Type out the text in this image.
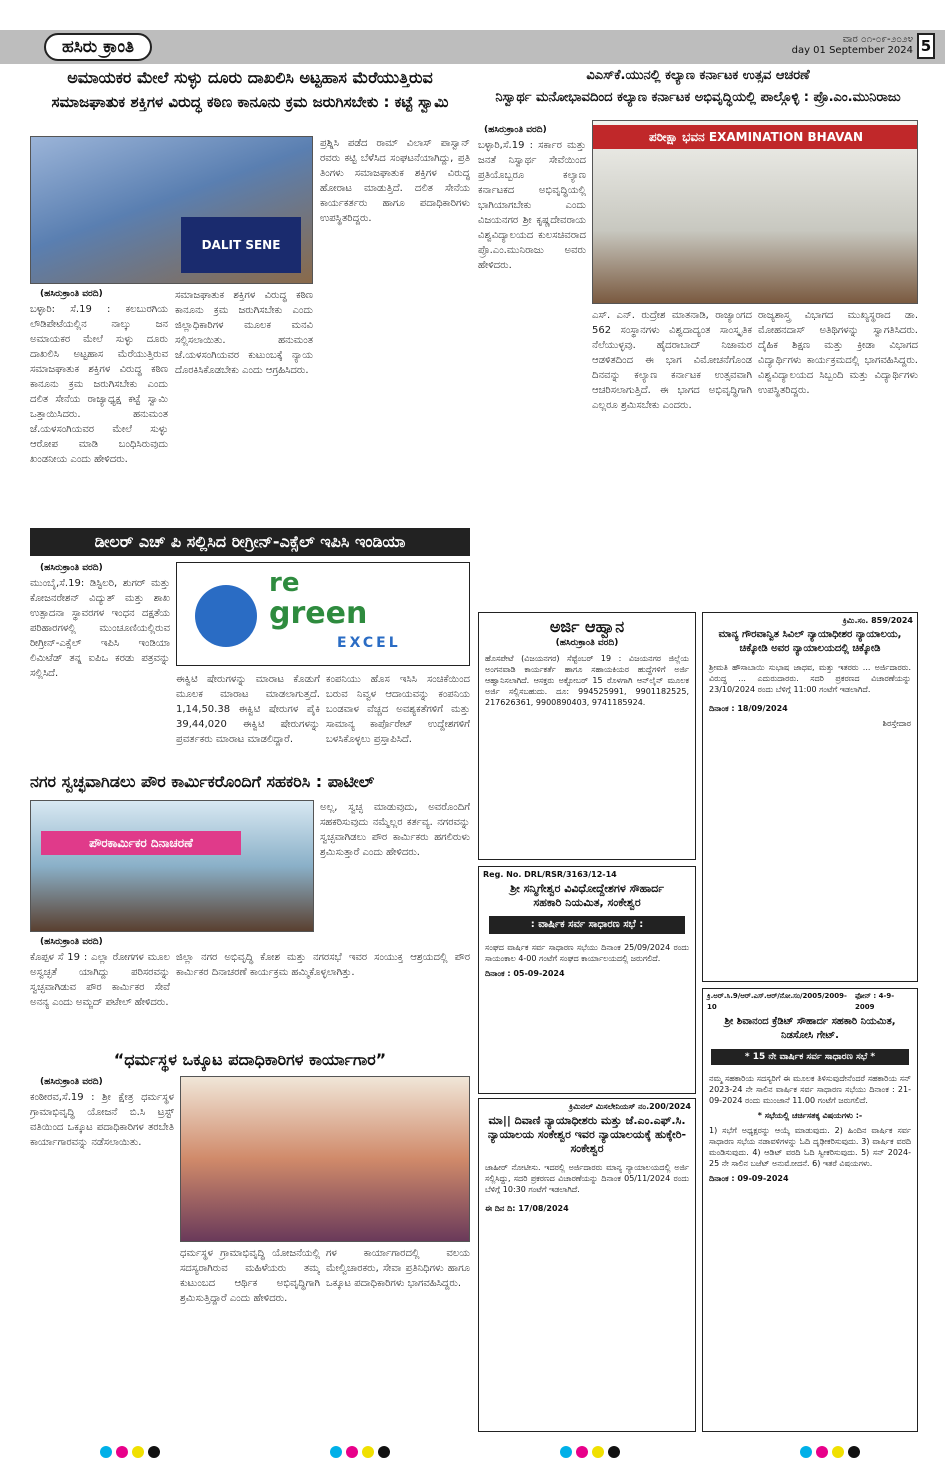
ಹಸಿರು ಕ್ರಾಂತಿ	ವಾರ ೦೧-೦೯-೨೦೨೪
day 01 September 2024 5
ಅಮಾಯಕರ ಮೇಲೆ ಸುಳ್ಳು ದೂರು ದಾಖಲಿಸಿ ಅಟ್ಟಹಾಸ ಮೆರೆಯುತ್ತಿರುವ
ಸಮಾಜಘಾತುಕ ಶಕ್ತಿಗಳ ವಿರುದ್ಧ ಕಠಿಣ ಕಾನೂನು ಕ್ರಮ ಜರುಗಿಸಬೇಕು : ಕಟ್ಟೆ ಸ್ವಾಮಿ
DALIT SENE
(ಹಸಿರುಕ್ರಾಂತಿ ವರದಿ)
ಬಳ್ಳಾರಿ: ಸೆ.19 : ಕಲಬುರಗಿಯ ಲೌಡಿಪೇಟೆಯಲ್ಲಿನ ನಾಲ್ಕು ಜನ ಅಮಾಯಕರ ಮೇಲೆ ಸುಳ್ಳು ದೂರು ದಾಖಲಿಸಿ ಅಟ್ಟಹಾಸ ಮೆರೆಯುತ್ತಿರುವ ಸಮಾಜಘಾತುಕ ಶಕ್ತಿಗಳ ವಿರುದ್ಧ ಕಠಿಣ ಕಾನೂನು ಕ್ರಮ ಜರುಗಿಸಬೇಕು ಎಂದು ದಲಿತ ಸೇನೆಯ ರಾಜ್ಯಾಧ್ಯಕ್ಷ ಕಟ್ಟೆ ಸ್ವಾಮಿ ಒತ್ತಾಯಿಸಿದರು. ಹನುಮಂತ ಜೆ.ಯಳಸಂಗಿಯವರ ಮೇಲೆ ಸುಳ್ಳು ಆರೋಪ ಮಾಡಿ ಬಂಧಿಸಿರುವುದು ಖಂಡನೀಯ ಎಂದು ಹೇಳಿದರು.
ಸಮಾಜಘಾತುಕ ಶಕ್ತಿಗಳ ವಿರುದ್ಧ ಕಠಿಣ ಕಾನೂನು ಕ್ರಮ ಜರುಗಿಸಬೇಕು ಎಂದು ಜಿಲ್ಲಾಧಿಕಾರಿಗಳ ಮೂಲಕ ಮನವಿ ಸಲ್ಲಿಸಲಾಯಿತು. ಹನುಮಂತ ಜೆ.ಯಳಸಂಗಿಯವರ ಕುಟುಂಬಕ್ಕೆ ನ್ಯಾಯ ದೊರಕಿಸಿಕೊಡಬೇಕು ಎಂದು ಆಗ್ರಹಿಸಿದರು.
ಪ್ರಶ್ನಿಸಿ ಪಡೆದ ರಾಮ್ ವಿಲಾಸ್ ಪಾಸ್ವಾನ್ ರವರು ಕಟ್ಟಿ ಬೆಳೆಸಿದ ಸಂಘಟನೆಯಾಗಿದ್ದು, ಪ್ರತಿ ತಿಂಗಳು ಸಮಾಜಘಾತುಕ ಶಕ್ತಿಗಳ ವಿರುದ್ಧ ಹೋರಾಟ ಮಾಡುತ್ತಿದೆ. ದಲಿತ ಸೇನೆಯ ಕಾರ್ಯಕರ್ತರು ಹಾಗೂ ಪದಾಧಿಕಾರಿಗಳು ಉಪಸ್ಥಿತರಿದ್ದರು.
ವಿಎಸ್‌ಕೆ.ಯುನಲ್ಲಿ ಕಲ್ಯಾಣ ಕರ್ನಾಟಕ ಉತ್ಸವ ಆಚರಣೆ
ನಿಸ್ವಾರ್ಥ ಮನೋಭಾವದಿಂದ ಕಲ್ಯಾಣ ಕರ್ನಾಟಕ ಅಭಿವೃದ್ಧಿಯಲ್ಲಿ ಪಾಲ್ಗೊಳ್ಳಿ : ಪ್ರೊ.ಎಂ.ಮುನಿರಾಜು
(ಹಸಿರುಕ್ರಾಂತಿ ವರದಿ)
ಬಳ್ಳಾರಿ,ಸೆ.19 : ಸರ್ಕಾರ ಮತ್ತು ಜನತೆ ನಿಸ್ವಾರ್ಥ ಸೇವೆಯಿಂದ ಪ್ರತಿಯೊಬ್ಬರೂ ಕಲ್ಯಾಣ ಕರ್ನಾಟಕದ ಅಭಿವೃದ್ಧಿಯಲ್ಲಿ ಭಾಗಿಯಾಗಬೇಕು ಎಂದು ವಿಜಯನಗರ ಶ್ರೀ ಕೃಷ್ಣದೇವರಾಯ ವಿಶ್ವವಿದ್ಯಾಲಯದ ಕುಲಸಚಿವರಾದ ಪ್ರೊ.ಎಂ.ಮುನಿರಾಜು ಅವರು ಹೇಳಿದರು.
ಪರೀಕ್ಷಾ ಭವನ EXAMINATION BHAVAN
ಎಸ್. ಎನ್. ರುದ್ರೇಶ ಮಾತನಾಡಿ, ರಾಜ್ಯಾಂಗದ 562 ಸಂಸ್ಥಾನಗಳು ವಿಶ್ವದಾದ್ಯಂತ ಸಾಂಸ್ಕೃತಿಕ ನೆಲೆಯುಳ್ಳವು. ಹೈದರಾಬಾದ್ ನಿಜಾಮರ ಆಡಳಿತದಿಂದ ಈ ಭಾಗ ವಿಮೋಚನೆಗೊಂಡ ದಿನವನ್ನು ಕಲ್ಯಾಣ ಕರ್ನಾಟಕ ಉತ್ಸವವಾಗಿ ಆಚರಿಸಲಾಗುತ್ತಿದೆ. ಈ ಭಾಗದ ಅಭಿವೃದ್ಧಿಗಾಗಿ ಎಲ್ಲರೂ ಶ್ರಮಿಸಬೇಕು ಎಂದರು.
ರಾಜ್ಯಶಾಸ್ತ್ರ ವಿಭಾಗದ ಮುಖ್ಯಸ್ಥರಾದ ಡಾ. ಮೋಹನದಾಸ್ ಅತಿಥಿಗಳನ್ನು ಸ್ವಾಗತಿಸಿದರು. ದೈಹಿಕ ಶಿಕ್ಷಣ ಮತ್ತು ಕ್ರೀಡಾ ವಿಭಾಗದ ವಿದ್ಯಾರ್ಥಿಗಳು ಕಾರ್ಯಕ್ರಮದಲ್ಲಿ ಭಾಗವಹಿಸಿದ್ದರು. ವಿಶ್ವವಿದ್ಯಾಲಯದ ಸಿಬ್ಬಂದಿ ಮತ್ತು ವಿದ್ಯಾರ್ಥಿಗಳು ಉಪಸ್ಥಿತರಿದ್ದರು.
ಡೀಲರ್ ಎಚ್ ಪಿ ಸಲ್ಲಿಸಿದ ರೀಗ್ರೀನ್-ಎಕ್ಸೆಲ್ ಇಪಿಸಿ ಇಂಡಿಯಾ
(ಹಸಿರುಕ್ರಾಂತಿ ವರದಿ)
ಮುಂಬೈ,ಸೆ.19: ಡಿಸ್ಟಿಲರಿ, ಶುಗರ್ ಮತ್ತು ಕೋಜನರೇಶನ್ ವಿದ್ಯುತ್ ಮತ್ತು ಶಾಖ ಉತ್ಪಾದನಾ ಸ್ಥಾವರಗಳ ಇಂಧನ ದಕ್ಷತೆಯ ಪರಿಹಾರಗಳಲ್ಲಿ ಮುಂಚೂಣಿಯಲ್ಲಿರುವ ರೀಗ್ರೀನ್-ಎಕ್ಸೆಲ್ ಇಪಿಸಿ ಇಂಡಿಯಾ ಲಿಮಿಟೆಡ್ ತನ್ನ ಐಪಿಒ ಕರಡು ಪತ್ರವನ್ನು ಸಲ್ಲಿಸಿದೆ.
re
green
EXCEL
ಈಕ್ವಿಟಿ ಷೇರುಗಳನ್ನು ಮಾರಾಟ ಕೊಡುಗೆ ಮೂಲಕ ಮಾರಾಟ ಮಾಡಲಾಗುತ್ತದೆ. 1,14,50.38 ಈಕ್ವಿಟಿ ಷೇರುಗಳ ಪೈಕಿ 39,44,020 ಈಕ್ವಿಟಿ ಷೇರುಗಳನ್ನು ಪ್ರವರ್ತಕರು ಮಾರಾಟ ಮಾಡಲಿದ್ದಾರೆ.
ಕಂಪನಿಯು ಹೊಸ ಇಸಿಸಿ ಸಂಚಿಕೆಯಿಂದ ಬರುವ ನಿವ್ವಳ ಆದಾಯವನ್ನು ಕಂಪನಿಯ ಬಂಡವಾಳ ವೆಚ್ಚದ ಅವಶ್ಯಕತೆಗಳಿಗೆ ಮತ್ತು ಸಾಮಾನ್ಯ ಕಾರ್ಪೊರೇಟ್ ಉದ್ದೇಶಗಳಿಗೆ ಬಳಸಿಕೊಳ್ಳಲು ಪ್ರಸ್ತಾಪಿಸಿದೆ.
ನಗರ ಸ್ವಚ್ಛವಾಗಿಡಲು ಪೌರ ಕಾರ್ಮಿಕರೊಂದಿಗೆ ಸಹಕರಿಸಿ : ಪಾಟೀಲ್
ಪೌರಕಾರ್ಮಿಕರ ದಿನಾಚರಣೆ
ಅಲ್ಲ, ಸ್ವಚ್ಛ ಮಾಡುವುದು, ಅವರೊಂದಿಗೆ ಸಹಕರಿಸುವುದು ನಮ್ಮೆಲ್ಲರ ಕರ್ತವ್ಯ. ನಗರವನ್ನು ಸ್ವಚ್ಛವಾಗಿಡಲು ಪೌರ ಕಾರ್ಮಿಕರು ಹಗಲಿರುಳು ಶ್ರಮಿಸುತ್ತಾರೆ ಎಂದು ಹೇಳಿದರು.
(ಹಸಿರುಕ್ರಾಂತಿ ವರದಿ)
ಕೊಪ್ಪಳ ಸೆ 19 : ಎಲ್ಲಾ ರೋಗಗಳ ಮೂಲ ಅಸ್ವಚ್ಛತೆ ಯಾಗಿದ್ದು ಪರಿಸರವನ್ನು ಸ್ವಚ್ಛವಾಗಿಡುವ ಪೌರ ಕಾರ್ಮಿಕರ ಸೇವೆ ಅನನ್ಯ ಎಂದು ಅಮ್ಜದ್ ಪಟೇಲ್ ಹೇಳಿದರು.
ಜಿಲ್ಲಾ ನಗರ ಅಭಿವೃದ್ಧಿ ಕೋಶ ಮತ್ತು ನಗರಸಭೆ ಇವರ ಸಂಯುಕ್ತ ಆಶ್ರಯದಲ್ಲಿ ಪೌರ ಕಾರ್ಮಿಕರ ದಿನಾಚರಣೆ ಕಾರ್ಯಕ್ರಮ ಹಮ್ಮಿಕೊಳ್ಳಲಾಗಿತ್ತು.
“ಧರ್ಮಸ್ಥಳ ಒಕ್ಕೂಟ ಪದಾಧಿಕಾರಿಗಳ ಕಾರ್ಯಾಗಾರ”
(ಹಸಿರುಕ್ರಾಂತಿ ವರದಿ)
ಕಂಠೀರವ,ಸೆ.19 : ಶ್ರೀ ಕ್ಷೇತ್ರ ಧರ್ಮಸ್ಥಳ ಗ್ರಾಮಾಭಿವೃದ್ಧಿ ಯೋಜನೆ ಬಿ.ಸಿ ಟ್ರಸ್ಟ್ ವತಿಯಿಂದ ಒಕ್ಕೂಟ ಪದಾಧಿಕಾರಿಗಳ ತರಬೇತಿ ಕಾರ್ಯಾಗಾರವನ್ನು ನಡೆಸಲಾಯಿತು.
ಧರ್ಮಸ್ಥಳ ಗ್ರಾಮಾಭಿವೃದ್ಧಿ ಯೋಜನೆಯಲ್ಲಿ ಸದಸ್ಯರಾಗಿರುವ ಮಹಿಳೆಯರು ತಮ್ಮ ಕುಟುಂಬದ ಆರ್ಥಿಕ ಅಭಿವೃದ್ಧಿಗಾಗಿ ಶ್ರಮಿಸುತ್ತಿದ್ದಾರೆ ಎಂದು ಹೇಳಿದರು.
ಗಳ ಕಾರ್ಯಾಗಾರದಲ್ಲಿ ವಲಯ ಮೇಲ್ವಿಚಾರಕರು, ಸೇವಾ ಪ್ರತಿನಿಧಿಗಳು ಹಾಗೂ ಒಕ್ಕೂಟ ಪದಾಧಿಕಾರಿಗಳು ಭಾಗವಹಿಸಿದ್ದರು.
ಅರ್ಜಿ ಆಹ್ವಾನ
(ಹಸಿರುಕ್ರಾಂತಿ ವರದಿ)
ಹೊಸಪೇಟೆ (ವಿಜಯನಗರ) ಸೆಪ್ಟೆಂಬರ್ 19 : ವಿಜಯನಗರ ಜಿಲ್ಲೆಯ ಅಂಗನವಾಡಿ ಕಾರ್ಯಕರ್ತೆ ಹಾಗೂ ಸಹಾಯಕಿಯರ ಹುದ್ದೆಗಳಿಗೆ ಅರ್ಜಿ ಆಹ್ವಾನಿಸಲಾಗಿದೆ. ಆಸಕ್ತರು ಅಕ್ಟೋಬರ್ 15 ರೊಳಗಾಗಿ ಆನ್‌ಲೈನ್ ಮೂಲಕ ಅರ್ಜಿ ಸಲ್ಲಿಸಬಹುದು. ದೂ: 994525991, 9901182525, 217626361, 9900890403, 9741185924.
Reg. No. DRL/RSR/3163/12-14
ಶ್ರೀ ಸನ್ಮಿಗೇಶ್ವರ ವಿವಿಧೋದ್ದೇಶಗಳ ಸೌಹಾರ್ದ
ಸಹಕಾರಿ ನಿಯಮಿತ, ಸಂಕೇಶ್ವರ
: ವಾರ್ಷಿಕ ಸರ್ವ ಸಾಧಾರಣ ಸಭೆ :
ಸಂಘದ ವಾರ್ಷಿಕ ಸರ್ವ ಸಾಧಾರಣ ಸಭೆಯು ದಿನಾಂಕ 25/09/2024 ರಂದು ಸಾಯಂಕಾಲ 4-00 ಗಂಟೆಗೆ ಸಂಘದ ಕಾರ್ಯಾಲಯದಲ್ಲಿ ಜರುಗಲಿದೆ.
ದಿನಾಂಕ : 05-09-2024
ಕ್ರಿಮಿನಲ್ ಮಿಸಲೇನಿಯಸ್ ನಂ.200/2024
ಮಾ|| ದಿವಾಣಿ ನ್ಯಾಯಾಧೀಶರು ಮತ್ತು ಜೆ.ಎಂ.ಎಫ್.ಸಿ. ನ್ಯಾಯಾಲಯ ಸಂಕೇಶ್ವರ ಇವರ ನ್ಯಾಯಾಲಯಕ್ಕೆ ಹುಕ್ಕೇರಿ-ಸಂಕೇಶ್ವರ
ಜಾಹೀರ್ ನೋಟೀಸು. ಇದರಲ್ಲಿ ಅರ್ಜಿದಾರರು ಮಾನ್ಯ ನ್ಯಾಯಾಲಯದಲ್ಲಿ ಅರ್ಜಿ ಸಲ್ಲಿಸಿದ್ದು, ಸದರಿ ಪ್ರಕರಣದ ವಿಚಾರಣೆಯನ್ನು ದಿನಾಂಕ 05/11/2024 ರಂದು ಬೆಳಿಗ್ಗೆ 10:30 ಗಂಟೆಗೆ ಇಡಲಾಗಿದೆ.
ಈ ದಿನ ದಿ: 17/08/2024
ಕ್ರಿಮಿ.ಸಂ. 859/2024
ಮಾನ್ಯ ಗೌರವಾನ್ವಿತ ಸಿವಿಲ್ ನ್ಯಾಯಾಧೀಶರ ನ್ಯಾಯಾಲಯ,
ಚಿಕ್ಕೋಡಿ ಅವರ ನ್ಯಾಯಾಲಯದಲ್ಲಿ ಚಿಕ್ಕೋಡಿ
ಶ್ರೀಮತಿ ಹೌಸಾಬಾಯಿ ಸುಭಾಷ ಜಾಧವ, ಮತ್ತು ಇತರರು ... ಅರ್ಜಿದಾರರು. ವಿರುದ್ಧ ... ಎದುರುದಾರರು. ಸದರಿ ಪ್ರಕರಣದ ವಿಚಾರಣೆಯನ್ನು 23/10/2024 ರಂದು ಬೆಳಿಗ್ಗೆ 11:00 ಗಂಟೆಗೆ ಇಡಲಾಗಿದೆ.
ದಿನಾಂಕ : 18/09/2024
ಶಿರಸ್ತೇದಾರ
ಕ್ರಿ.ಅರ್.ಸಿ.9/ಆರ್.ಎಸ್.ಆರ್/ನೋ.ಸಂ/2005/2009-10
ಫೋನ್ : 4-9-2009
ಶ್ರೀ ಶಿವಾನಂದ ಕ್ರೆಡಿಟ್ ಸೌಹಾರ್ದ ಸಹಕಾರಿ ನಿಯಮಿತ, ನಿಡಸೋಸಿ ಗೇಟ್.
* 15 ನೇ ವಾರ್ಷಿಕ ಸರ್ವ ಸಾಧಾರಣ ಸಭೆ *
ನಮ್ಮ ಸಹಕಾರಿಯ ಸದಸ್ಯರಿಗೆ ಈ ಮೂಲಕ ತಿಳಿಸುವುದೇನೆಂದರೆ ಸಹಕಾರಿಯ ಸನ್ 2023-24 ನೇ ಸಾಲಿನ ವಾರ್ಷಿಕ ಸರ್ವ ಸಾಧಾರಣ ಸಭೆಯು ದಿನಾಂಕ : 21-09-2024 ರಂದು ಮುಂಜಾನೆ 11.00 ಗಂಟೆಗೆ ಜರುಗಲಿದೆ.
* ಸಭೆಯಲ್ಲಿ ಚರ್ಚಿಸತಕ್ಕ ವಿಷಯಗಳು :-
1) ಸಭೆಗೆ ಅಧ್ಯಕ್ಷರನ್ನು ಆಯ್ಕೆ ಮಾಡುವುದು. 2) ಹಿಂದಿನ ವಾರ್ಷಿಕ ಸರ್ವ ಸಾಧಾರಣ ಸಭೆಯ ನಡಾವಳಿಗಳನ್ನು ಓದಿ ದೃಢೀಕರಿಸುವುದು. 3) ವಾರ್ಷಿಕ ವರದಿ ಮಂಡಿಸುವುದು. 4) ಆಡಿಟ್ ವರದಿ ಓದಿ ಸ್ವೀಕರಿಸುವುದು. 5) ಸನ್ 2024-25 ನೇ ಸಾಲಿನ ಬಜೆಟ್ ಅನುಮೋದನೆ. 6) ಇತರೆ ವಿಷಯಗಳು.
ದಿನಾಂಕ : 09-09-2024
